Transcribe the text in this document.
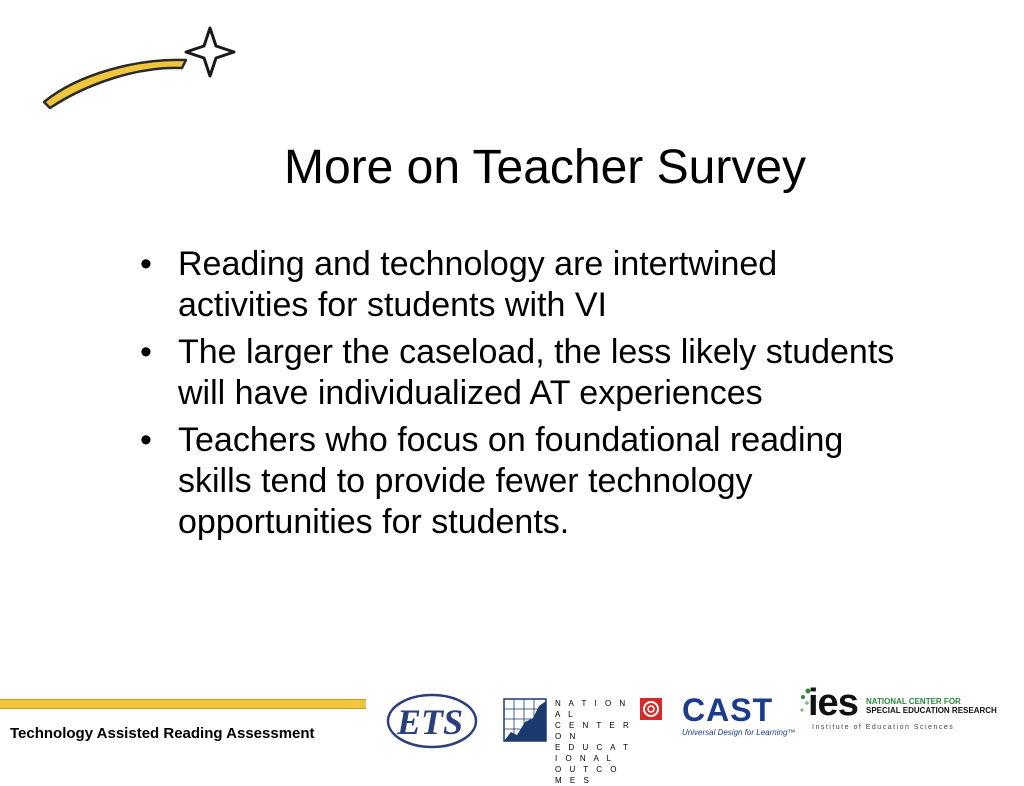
More on Teacher Survey
• Reading and technology are intertwined activities for students with VI
• The larger the caseload, the less likely students will have individualized AT experiences
• Teachers who focus on foundational reading skills tend to provide fewer technology opportunities for students.
Technology Assisted Reading Assessment ETS	N A T I O N A L
C E N T E R O N
E D U C A T I O N A L
O U T C O M E S
CAST
Universal Design for Learning™
ies NATIONAL CENTER FOR
SPECIAL EDUCATION RESEARCH
Institute of Education Sciences
